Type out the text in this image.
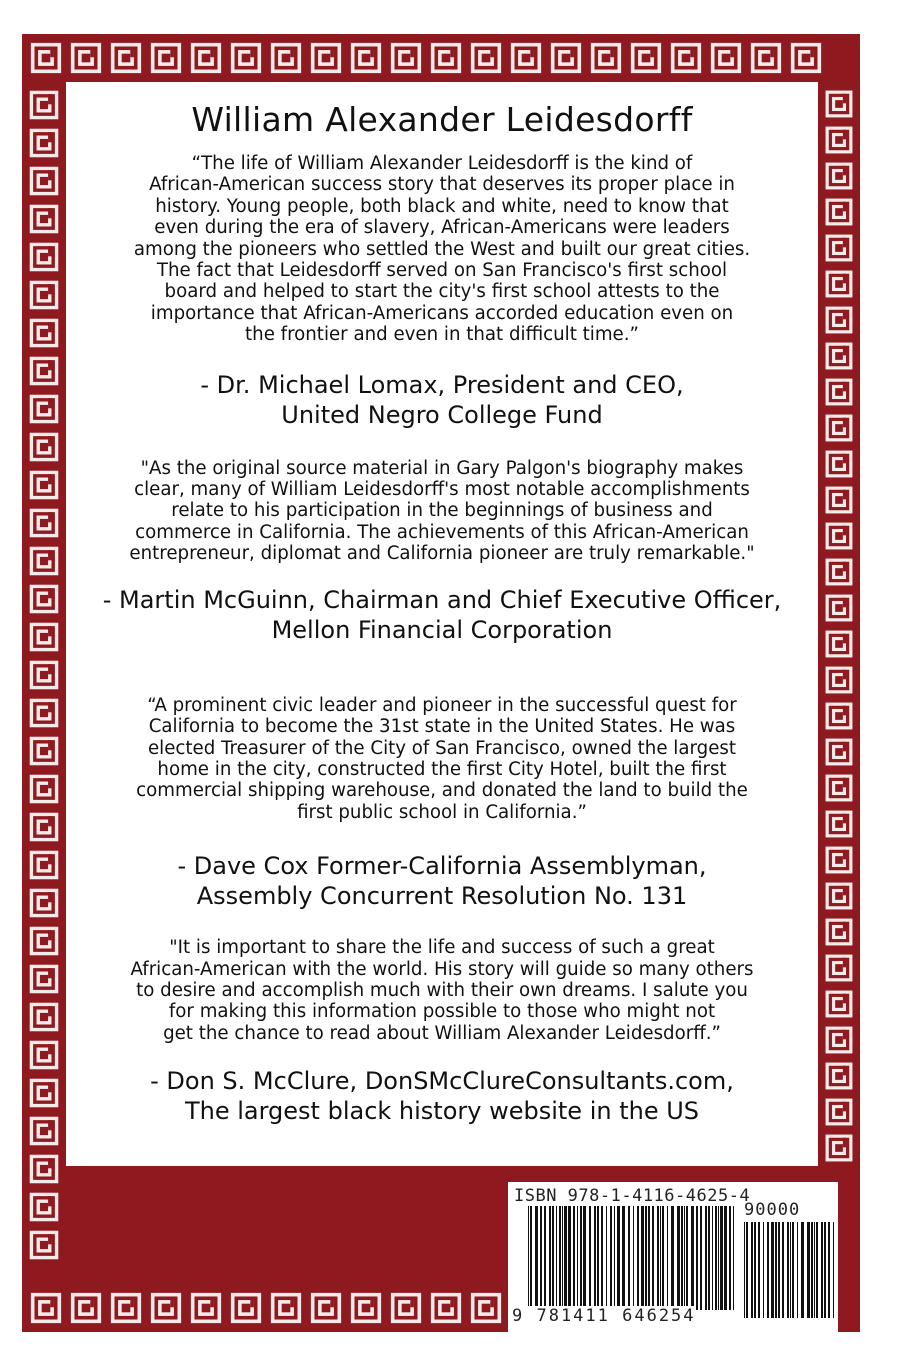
William Alexander Leidesdorff
“The life of William Alexander Leidesdorff is the kind of
African-American success story that deserves its proper place in
history. Young people, both black and white, need to know that
even during the era of slavery, African-Americans were leaders
among the pioneers who settled the West and built our great cities.
The fact that Leidesdorff served on San Francisco's first school
board and helped to start the city's first school attests to the
importance that African-Americans accorded education even on
the frontier and even in that difficult time.”
- Dr. Michael Lomax, President and CEO,
United Negro College Fund
"As the original source material in Gary Palgon's biography makes
clear, many of William Leidesdorff's most notable accomplishments
relate to his participation in the beginnings of business and
commerce in California. The achievements of this African-American
entrepreneur, diplomat and California pioneer are truly remarkable."
- Martin McGuinn, Chairman and Chief Executive Officer,
Mellon Financial Corporation
“A prominent civic leader and pioneer in the successful quest for
California to become the 31st state in the United States. He was
elected Treasurer of the City of San Francisco, owned the largest
home in the city, constructed the first City Hotel, built the first
commercial shipping warehouse, and donated the land to build the
first public school in California.”
- Dave Cox Former-California Assemblyman,
Assembly Concurrent Resolution No. 131
"It is important to share the life and success of such a great
African-American with the world. His story will guide so many others
to desire and accomplish much with their own dreams. I salute you
for making this information possible to those who might not
get the chance to read about William Alexander Leidesdorff.”
- Don S. McClure, DonSMcClureConsultants.com,
The largest black history website in the US
ISBN 978-1-4116-4625-4
90000
9 781411 646254
